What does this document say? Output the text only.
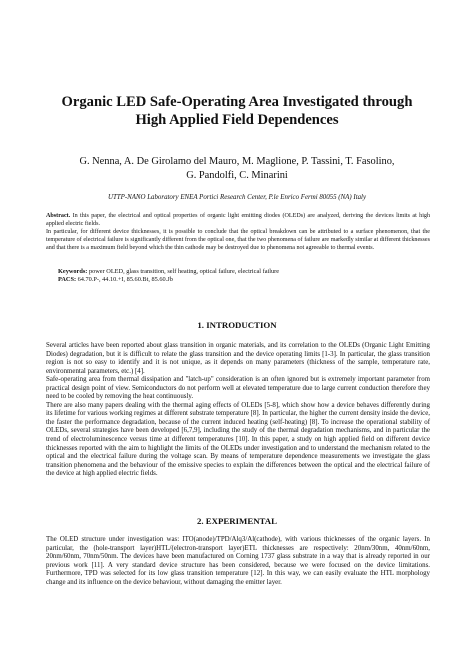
Organic LED Safe-Operating Area Investigated through
High Applied Field Dependences
G. Nenna, A. De Girolamo del Mauro, M. Maglione, P. Tassini, T. Fasolino,
G. Pandolfi, C. Minarini
UTTP-NANO Laboratory ENEA Portici Research Center, P.le Enrico Fermi 80055 (NA) Italy

Abstract. In this paper, the electrical and optical properties of organic light emitting diodes (OLEDs) are analyzed, deriving the devices limits at high applied electric fields.

In particular, for different device thicknesses, it is possible to conclude that the optical breakdown can be attributed to a surface phenomenon, that the temperature of electrical failure is significantly different from the optical one, that the two phenomena of failure are markedly similar at different thicknesses and that there is a maximum field beyond which the thin cathode may be destroyed due to phenomena not agreeable to thermal events.

Keywords: power OLED, glass transition, self heating, optical failure, electrical failure

PACS: 64.70.P-, 44.10.+I, 85.60.Bt, 85.60.Jb

1. INTRODUCTION

Several articles have been reported about glass transition in organic materials, and its correlation to the OLEDs (Organic Light Emitting Diodes) degradation, but it is difficult to relate the glass transition and the device operating limits [1-3]. In particular, the glass transition region is not so easy to identify and it is not unique, as it depends on many parameters (thickness of the sample, temperature rate, environmental parameters, etc.) [4].

Safe-operating area from thermal dissipation and "latch-up" consideration is an often ignored but is extremely important parameter from practical design point of view. Semiconductors do not perform well at elevated temperature due to large current conduction therefore they need to be cooled by removing the heat continuously.

There are also many papers dealing with the thermal aging effects of OLEDs [5-8], which show how a device behaves differently during its lifetime for various working regimes at different substrate temperature [8]. In particular, the higher the current density inside the device, the faster the performance degradation, because of the current induced heating (self-heating) [8]. To increase the operational stability of OLEDs, several strategies have been developed [6,7,9], including the study of the thermal degradation mechanisms, and in particular the trend of electroluminescence versus time at different temperatures [10]. In this paper, a study on high applied field on different device thicknesses reported with the aim to highlight the limits of the OLEDs under investigation and to understand the mechanism related to the optical and the electrical failure during the voltage scan. By means of temperature dependence measurements we investigate the glass transition phenomena and the behaviour of the emissive species to explain the differences between the optical and the electrical failure of the device at high applied electric fields.

2. EXPERIMENTAL

The OLED structure under investigation was: ITO(anode)/TPD/Alq3/Al(cathode), with various thicknesses of the organic layers. In particular, the (hole-transport layer)HTL/(electron-transport layer)ETL thicknesses are respectively: 20nm/30nm, 40nm/60nm, 20nm/60nm, 70nm/50nm. The devices have been manufactured on Corning 1737 glass substrate in a way that is already reported in our previous work [11]. A very standard device structure has been considered, because we were focused on the device limitations. Furthermore, TPD was selected for its low glass transition temperature [12]. In this way, we can easily evaluate the HTL morphology change and its influence on the device behaviour, without damaging the emitter layer.
